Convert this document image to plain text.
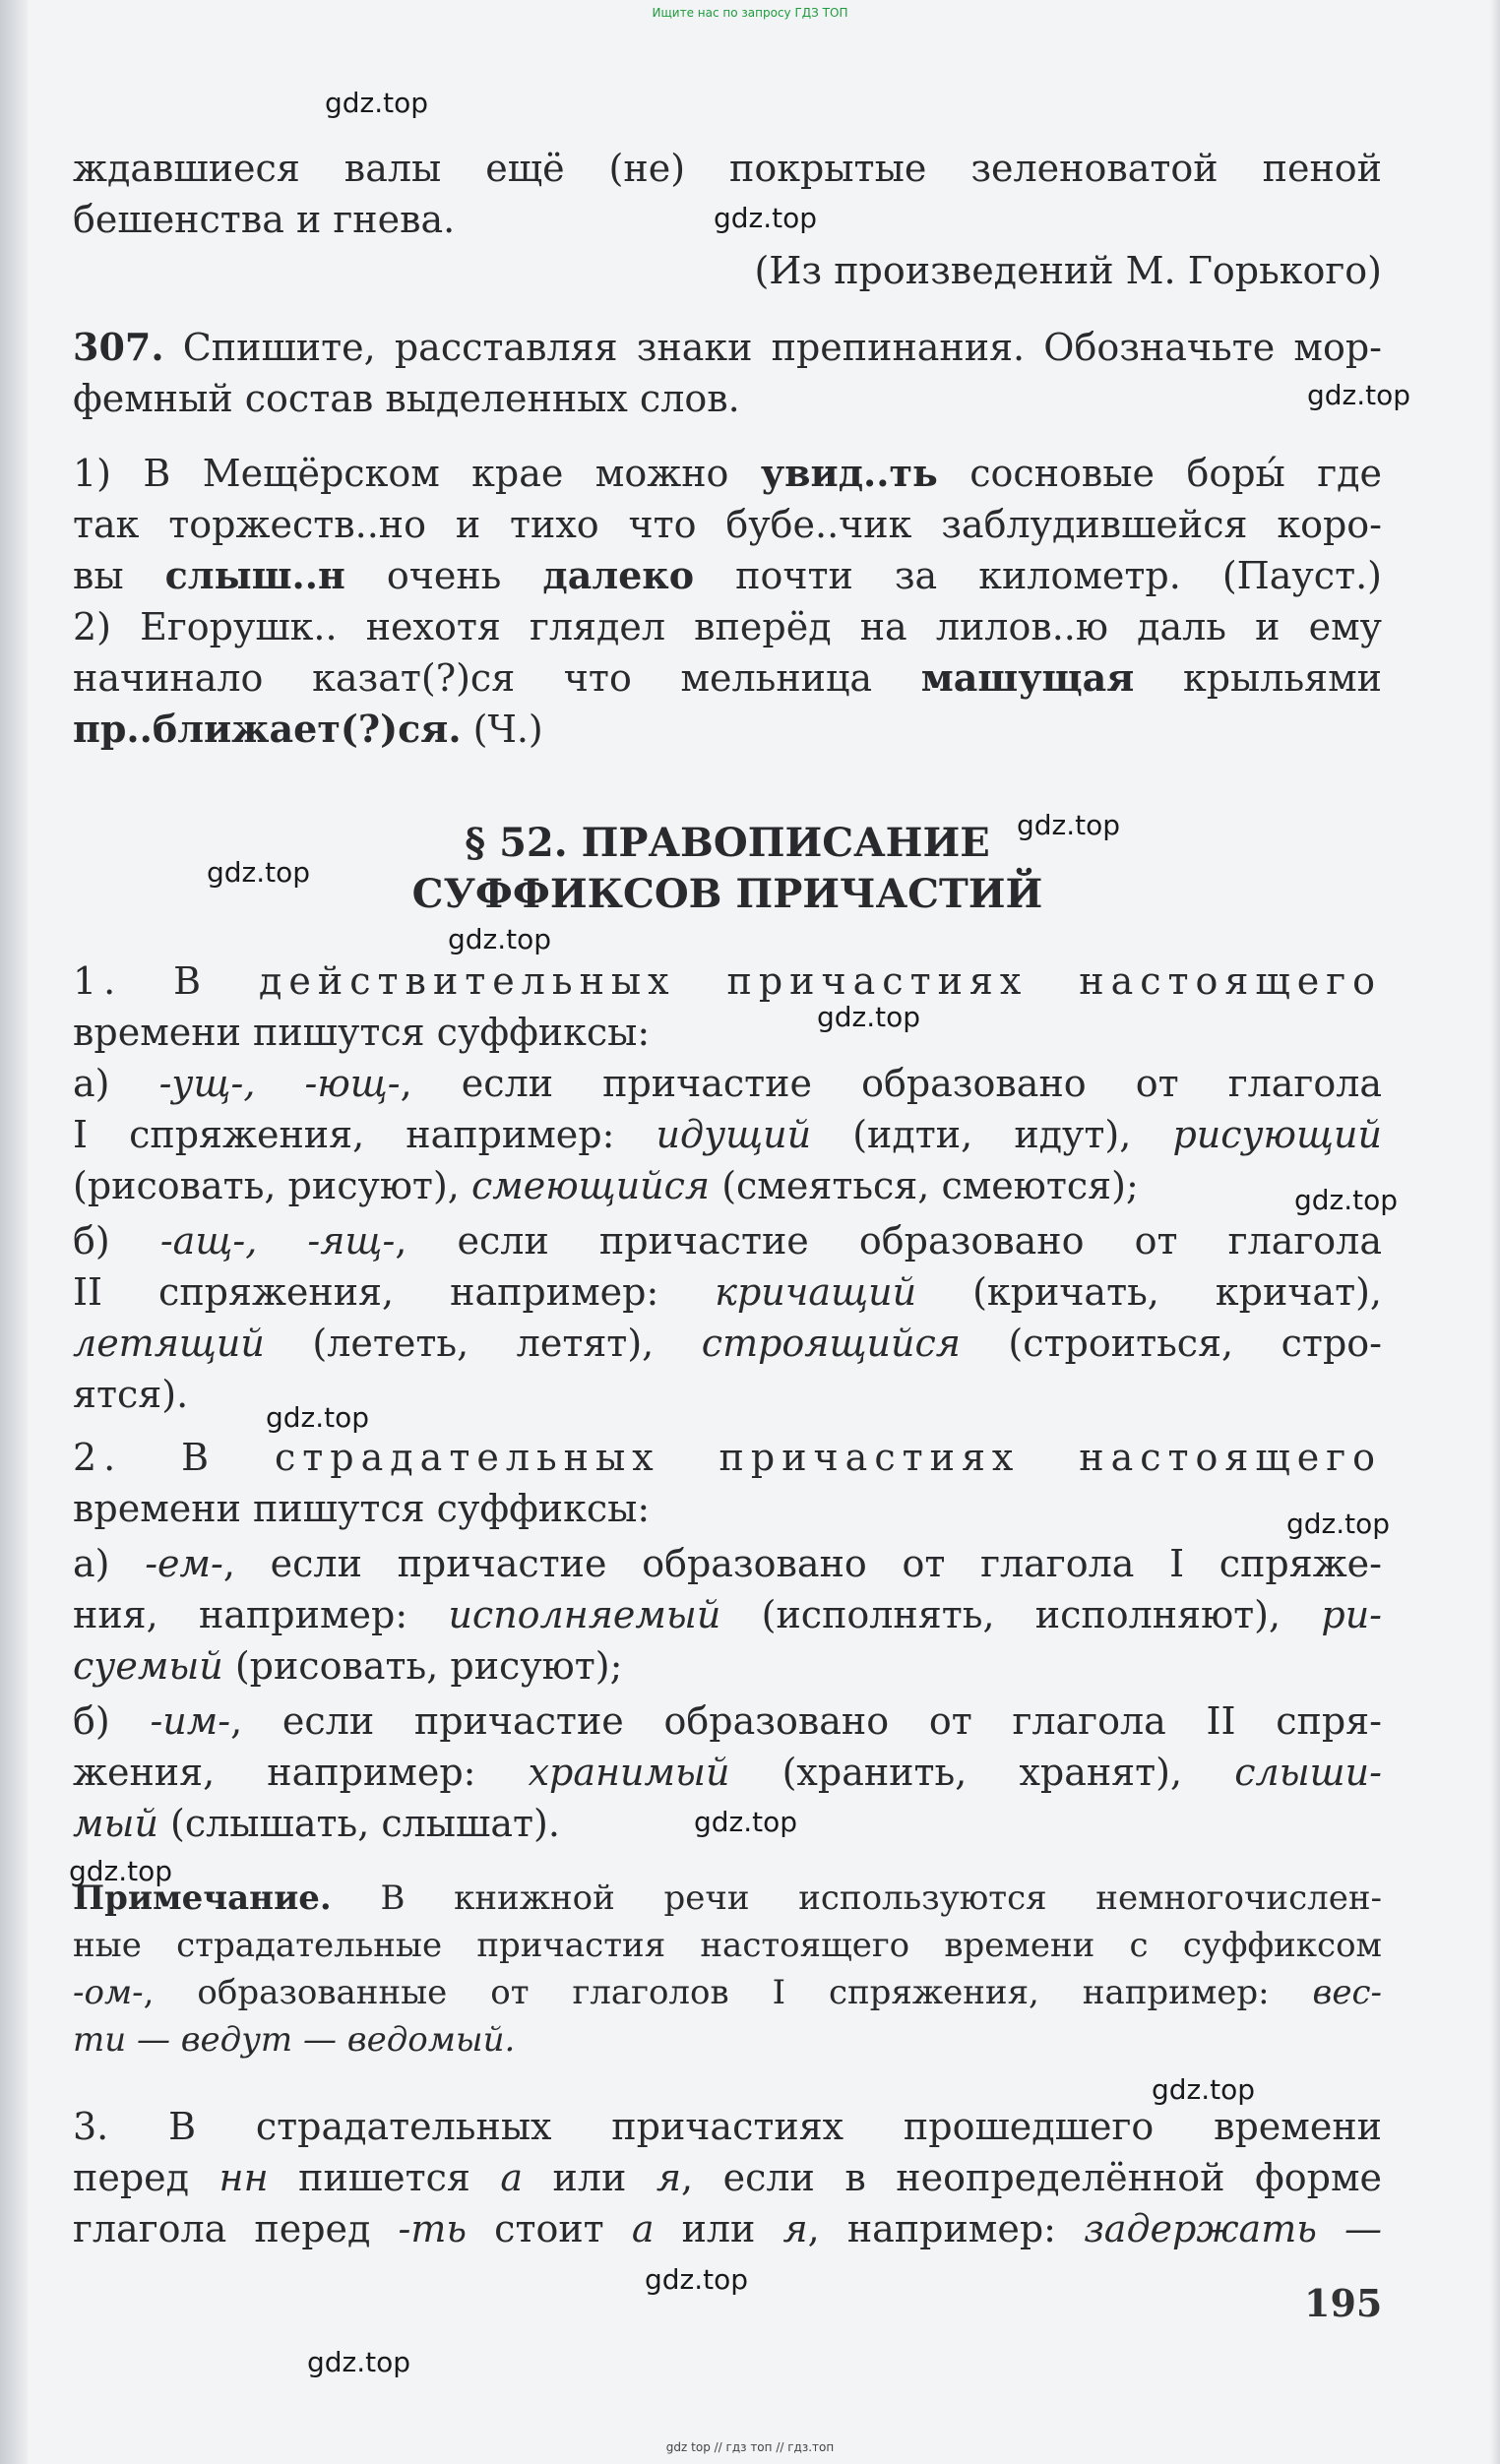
Ищите нас по запросу ГДЗ ТОП
gdz.top
gdz.top
gdz.top
gdz.top
gdz.top
gdz.top
gdz.top
gdz.top
gdz.top
gdz.top
gdz.top
gdz.top
gdz.top
gdz.top
gdz.top
ждавшиеся валы ещё (не) покрытые зеленоватой пеной
бешенства и гнева.
(Из произведений М. Горького)
307. Спишите, расставляя знаки препинания. Обозначьте мор-
фемный состав выделенных слов.
1) В Мещёрском крае можно увид..ть сосновые боры́ где
так торжеств..но и тихо что бубе..чик заблудившейся коро-
вы слыш..н очень далеко почти за километр. (Пауст.)
2) Егорушк.. нехотя глядел вперёд на лилов..ю даль и ему
начинало казат(?)ся что мельница машущая крыльями
пр..ближает(?)ся. (Ч.)
§ 52. ПРАВОПИСАНИЕ
СУФФИКСОВ ПРИЧАСТИЙ
1. В действительных причастиях настоящего
времени пишутся суффиксы:
а) -ущ-, -ющ-, если причастие образовано от глагола
I спряжения, например: идущий (идти, идут), рисующий
(рисовать, рисуют), смеющийся (смеяться, смеются);
б) -ащ-, -ящ-, если причастие образовано от глагола
II спряжения, например: кричащий (кричать, кричат),
летящий (лететь, летят), строящийся (строиться, стро-
ятся).
2. В страдательных причастиях настоящего
времени пишутся суффиксы:
а) -ем-, если причастие образовано от глагола I спряже-
ния, например: исполняемый (исполнять, исполняют), ри-
суемый (рисовать, рисуют);
б) -им-, если причастие образовано от глагола II спря-
жения, например: хранимый (хранить, хранят), слыши-
мый (слышать, слышат).
Примечание. В книжной речи используются немногочислен-
ные страдательные причастия настоящего времени с суффиксом
-ом-, образованные от глаголов I спряжения, например: вес-
ти — ведут — ведомый.
3. В страдательных причастиях прошедшего времени
перед нн пишется а или я, если в неопределённой форме
глагола перед -ть стоит а или я, например: задержать —
195
gdz top // гдз топ // гдз.топ
